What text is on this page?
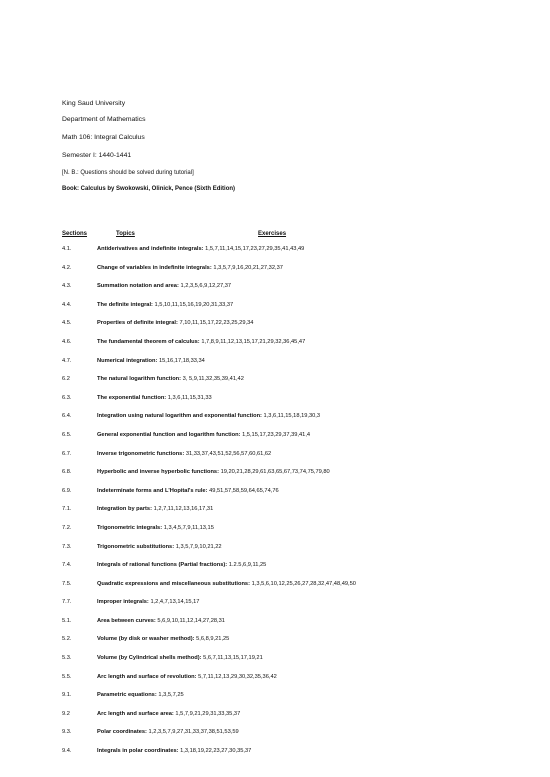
King Saud University
Department of Mathematics
Math 106: Integral Calculus
Semester I: 1440-1441
[N. B.: Questions should be solved during tutorial]
Book: Calculus by Swokowski, Olinick, Pence (Sixth Edition)
Sections	Topics	Exercises
4.1.	Antiderivatives and indefinite integrals: 1,5,7,11,14,15,17,23,27,29,35,41,43,49
4.2.	Change of variables in indefinite integrals: 1,3,5,7,9,16,20,21,27,32,37
4.3.	Summation notation and area: 1,2,3,5,6,9,12,27,37
4.4.	The definite integral: 1,5,10,11,15,16,19,20,31,33,37
4.5.	Properties of definite integral: 7,10,11,15,17,22,23,25,29,34
4.6.	The fundamental theorem of calculus: 1,7,8,9,11,12,13,15,17,21,29,32,36,45,47
4.7.	Numerical integration: 15,16,17,18,33,34
6.2	The natural logarithm function: 3, 5,9,11,32,35,39,41,42
6.3.	The exponential function: 1,3,6,11,15,31,33
6.4.	Integration using natural logarithm and exponential function: 1,3,6,11,15,18,19,30,3
6.5.	General exponential function and logarithm function: 1,5,15,17,23,29,37,39,41,4
6.7.	Inverse trigonometric functions: 31,33,37,43,51,52,56,57,60,61,62
6.8.	Hyperbolic and inverse hyperbolic functions: 19,20,21,28,29,61,63,65,67,73,74,75,79,80
6.9.	Indeterminate forms and L'Hopital's rule: 49,51,57,58,59,64,65,74,76
7.1.	Integration by parts: 1,2,7,11,12,13,16,17,31
7.2.	Trigonometric integrals: 1,3,4,5,7,9,11,13,15
7.3.	Trigonometric substitutions: 1,3,5,7,9,10,21,22
7.4.	Integrals of rational functions (Partial fractions): 1.2.5,6,9,11,25
7.5.	Quadratic expressions and miscellaneous substitutions: 1,3,5,6,10,12,25,26,27,28,32,47,48,49,50
7.7.	Improper integrals: 1,2,4,7,13,14,15,17
5.1.	Area between curves: 5,6,9,10,11,12,14,27,28,31
5.2.	Volume (by disk or washer method): 5,6,8,9,21,25
5.3.	Volume (by Cylindrical shells method): 5,6,7,11,13,15,17,19,21
5.5.	Arc length and surface of revolution: 5,7,11,12,13,29,30,32,35,36,42
9.1.	Parametric equations: 1,3,5,7,25
9.2	Arc length and surface area: 1,5,7,9,21,29,31,33,35,37
9.3.	Polar coordinates: 1,2,3,5,7,9,27,31,33,37,38,51,53,59
9.4.	Integrals in polar coordinates: 1,3,18,19,22,23,27,30,35,37
